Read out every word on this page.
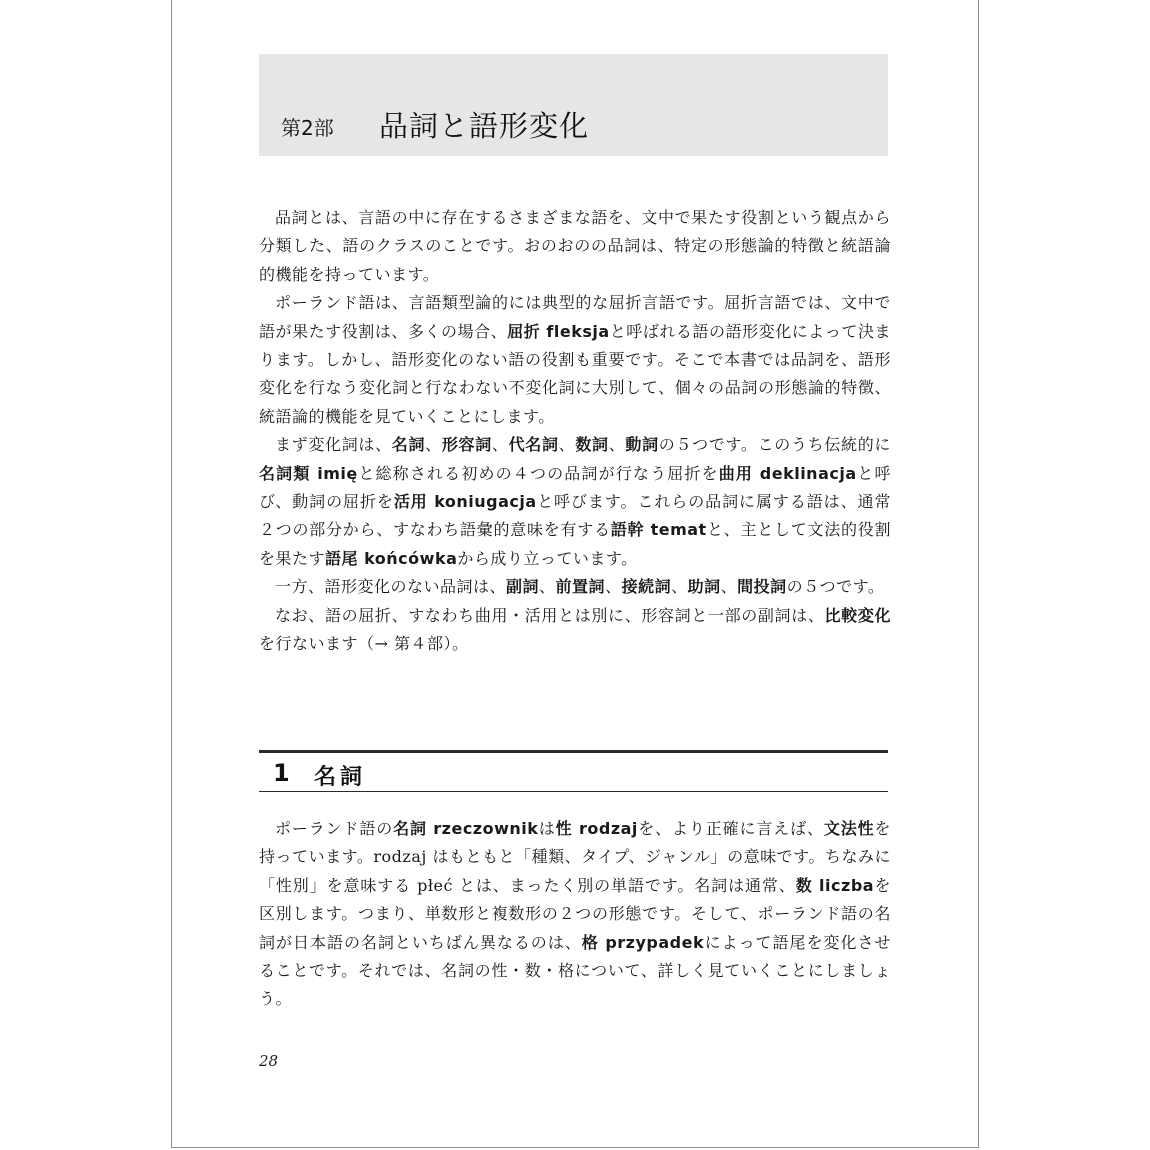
第2部 品詞と語形変化

品詞とは、言語の中に存在するさまざまな語を、文中で果たす役割という観点から分類した、語のクラスのことです。おのおのの品詞は、特定の形態論的特徴と統語論的機能を持っています。

ポーランド語は、言語類型論的には典型的な屈折言語です。屈折言語では、文中で語が果たす役割は、多くの場合、屈折 fleksjaと呼ばれる語の語形変化によって決まります。しかし、語形変化のない語の役割も重要です。そこで本書では品詞を、語形変化を行なう変化詞と行なわない不変化詞に大別して、個々の品詞の形態論的特徴、統語論的機能を見ていくことにします。

まず変化詞は、名詞、形容詞、代名詞、数詞、動詞の５つです。このうち伝統的に名詞類 imięと総称される初めの４つの品詞が行なう屈折を曲用 deklinacjaと呼び、動詞の屈折を活用 koniugacjaと呼びます。これらの品詞に属する語は、通常２つの部分から、すなわち語彙的意味を有する語幹 tematと、主として文法的役割を果たす語尾 końcówkaから成り立っています。

一方、語形変化のない品詞は、副詞、前置詞、接続詞、助詞、間投詞の５つです。

なお、語の屈折、すなわち曲用・活用とは別に、形容詞と一部の副詞は、比較変化を行ないます（→ 第４部）。

1 名詞

ポーランド語の名詞 rzeczownikは性 rodzajを、より正確に言えば、文法性を持っています。rodzaj はもともと「種類、タイプ、ジャンル」の意味です。ちなみに「性別」を意味する płeć とは、まったく別の単語です。名詞は通常、数 liczbaを区別します。つまり、単数形と複数形の２つの形態です。そして、ポーランド語の名詞が日本語の名詞といちばん異なるのは、格 przypadekによって語尾を変化させることです。それでは、名詞の性・数・格について、詳しく見ていくことにしましょう。

28
